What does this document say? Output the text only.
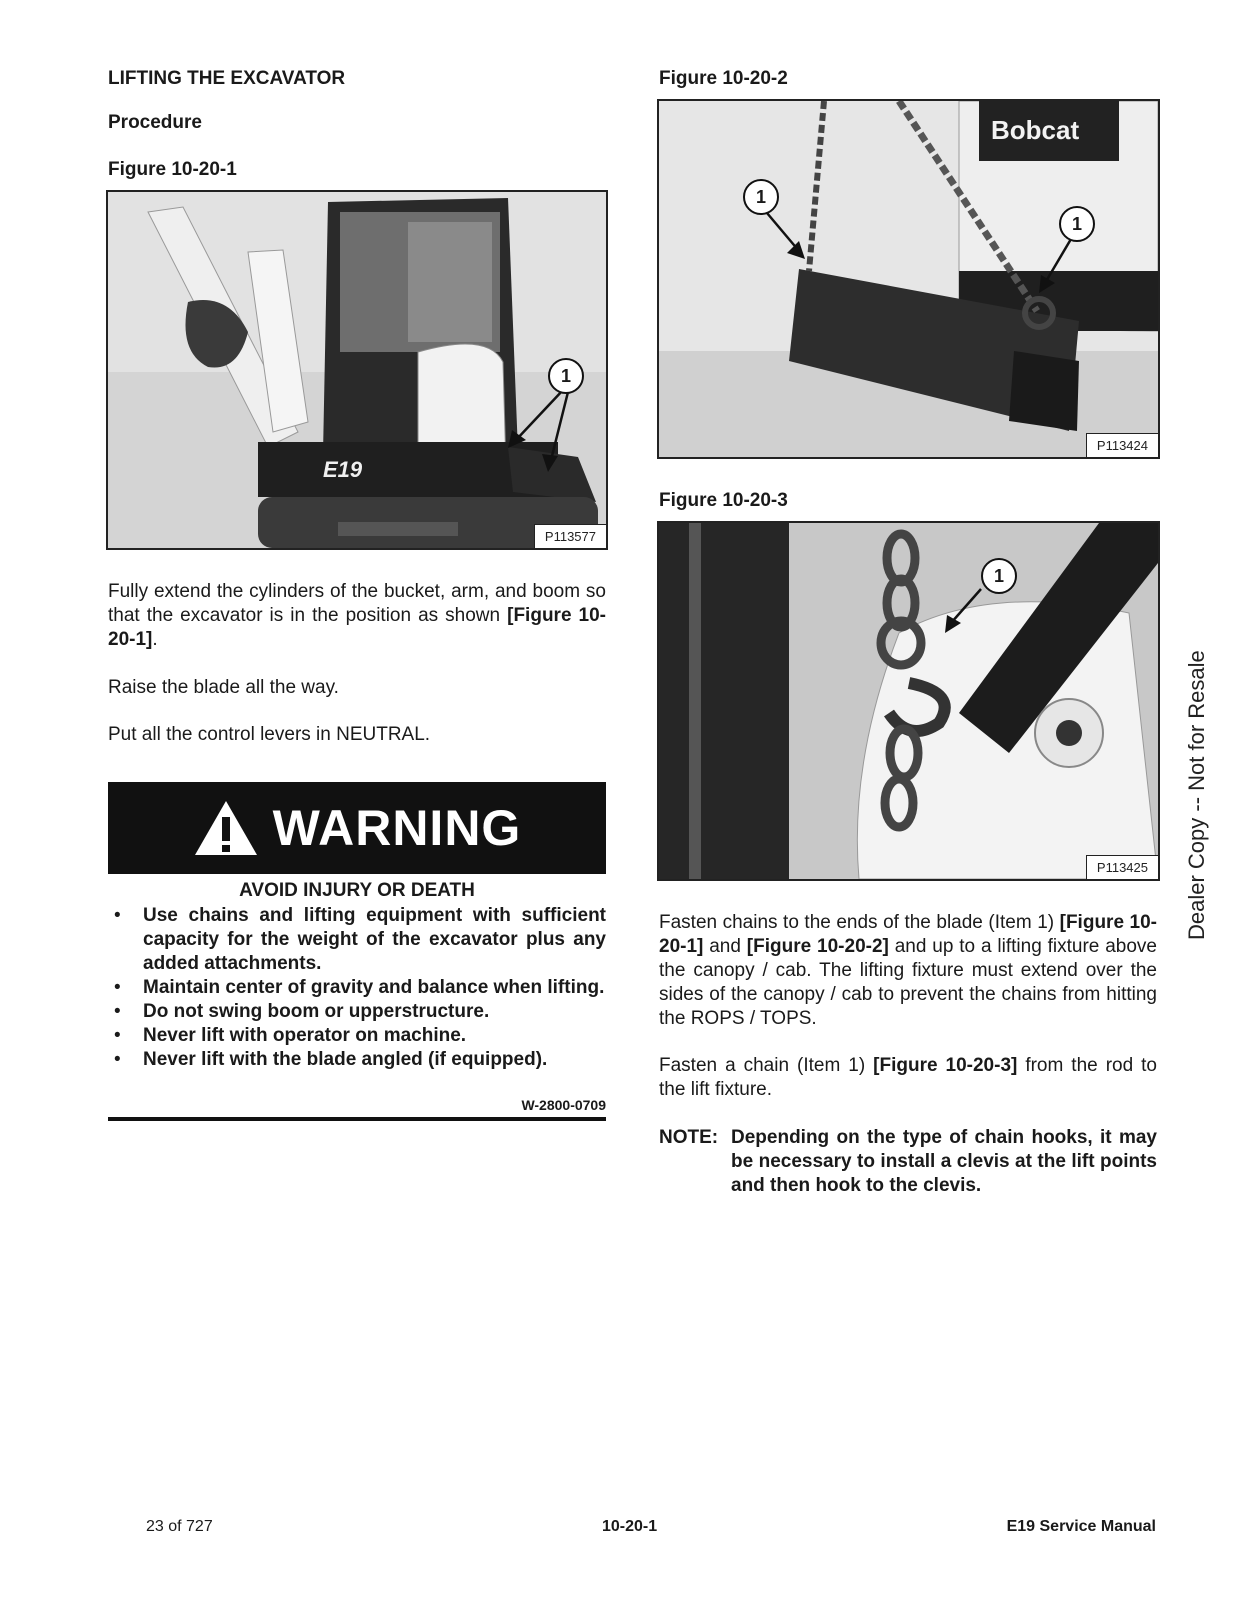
LIFTING THE EXCAVATOR
Procedure
Figure 10-20-1
E19
1
P113577
Fully extend the cylinders of the bucket, arm, and boom so that the excavator is in the position as shown [Figure 10-20-1].
Raise the blade all the way.
Put all the control levers in NEUTRAL.
WARNING
AVOID INJURY OR DEATH
• Use chains and lifting equipment with sufficient capacity for the weight of the excavator plus any added attachments.
• Maintain center of gravity and balance when lifting.
• Do not swing boom or upperstructure.
• Never lift with operator on machine.
• Never lift with the blade angled (if equipped).
W-2800-0709
Figure 10-20-2
Bobcat
1
1
P113424
Figure 10-20-3
1
P113425
Fasten chains to the ends of the blade (Item 1) [Figure 10-20-1] and [Figure 10-20-2] and up to a lifting fixture above the canopy / cab. The lifting fixture must extend over the sides of the canopy / cab to prevent the chains from hitting the ROPS / TOPS.
Fasten a chain (Item 1) [Figure 10-20-3] from the rod to the lift fixture.
NOTE: Depending on the type of chain hooks, it may be necessary to install a clevis at the lift points and then hook to the clevis.
Dealer Copy -- Not for Resale
23 of 727	10-20-1	E19 Service Manual
